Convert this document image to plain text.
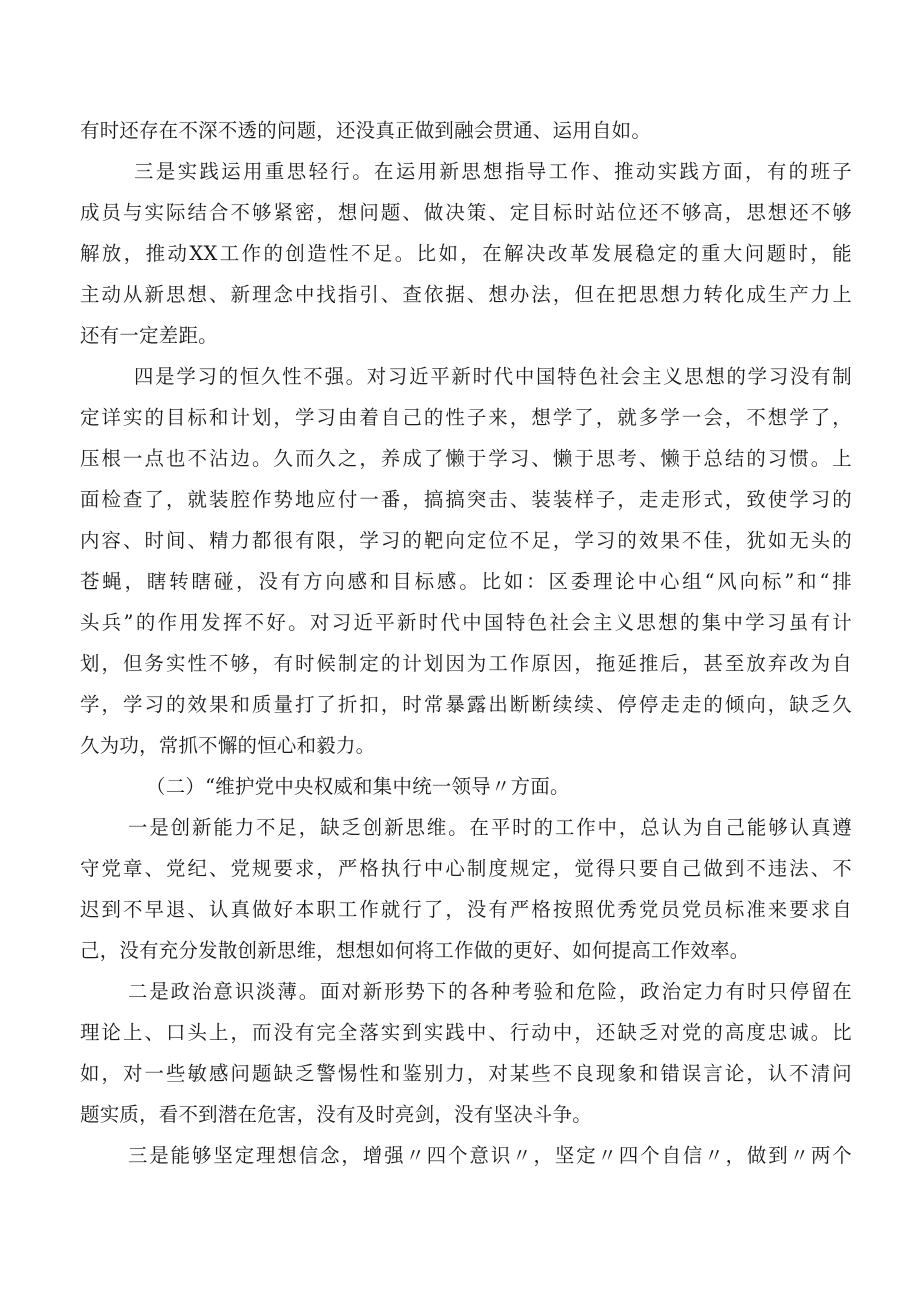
有时还存在不深不透的问题，还没真正做到融会贯通、运用自如。
三是实践运用重思轻行。在运用新思想指导工作、推动实践方面，有的班子
成员与实际结合不够紧密，想问题、做决策、定目标时站位还不够高，思想还不够
解放，推动XX工作的创造性不足。比如，在解决改革发展稳定的重大问题时，能
主动从新思想、新理念中找指引、查依据、想办法，但在把思想力转化成生产力上
还有一定差距。
四是学习的恒久性不强。对习近平新时代中国特色社会主义思想的学习没有制
定详实的目标和计划，学习由着自己的性子来，想学了，就多学一会，不想学了，
压根一点也不沾边。久而久之，养成了懒于学习、懒于思考、懒于总结的习惯。上
面检查了，就装腔作势地应付一番，搞搞突击、装装样子，走走形式，致使学习的
内容、时间、精力都很有限，学习的靶向定位不足，学习的效果不佳，犹如无头的
苍蝇，瞎转瞎碰，没有方向感和目标感。比如：区委理论中心组“风向标”和“排
头兵”的作用发挥不好。对习近平新时代中国特色社会主义思想的集中学习虽有计
划，但务实性不够，有时候制定的计划因为工作原因，拖延推后，甚至放弃改为自
学，学习的效果和质量打了折扣，时常暴露出断断续续、停停走走的倾向，缺乏久
久为功，常抓不懈的恒心和毅力。
（二）“维护党中央权威和集中统一领导〃方面。
一是创新能力不足，缺乏创新思维。在平时的工作中，总认为自己能够认真遵
守党章、党纪、党规要求，严格执行中心制度规定，觉得只要自己做到不违法、不
迟到不早退、认真做好本职工作就行了，没有严格按照优秀党员党员标准来要求自
己，没有充分发散创新思维，想想如何将工作做的更好、如何提高工作效率。
二是政治意识淡薄。面对新形势下的各种考验和危险，政治定力有时只停留在
理论上、口头上，而没有完全落实到实践中、行动中，还缺乏对党的高度忠诚。比
如，对一些敏感问题缺乏警惕性和鉴别力，对某些不良现象和错误言论，认不清问
题实质，看不到潜在危害，没有及时亮剑，没有坚决斗争。
三是能够坚定理想信念，增强〃四个意识〃，坚定〃四个自信〃，做到〃两个
